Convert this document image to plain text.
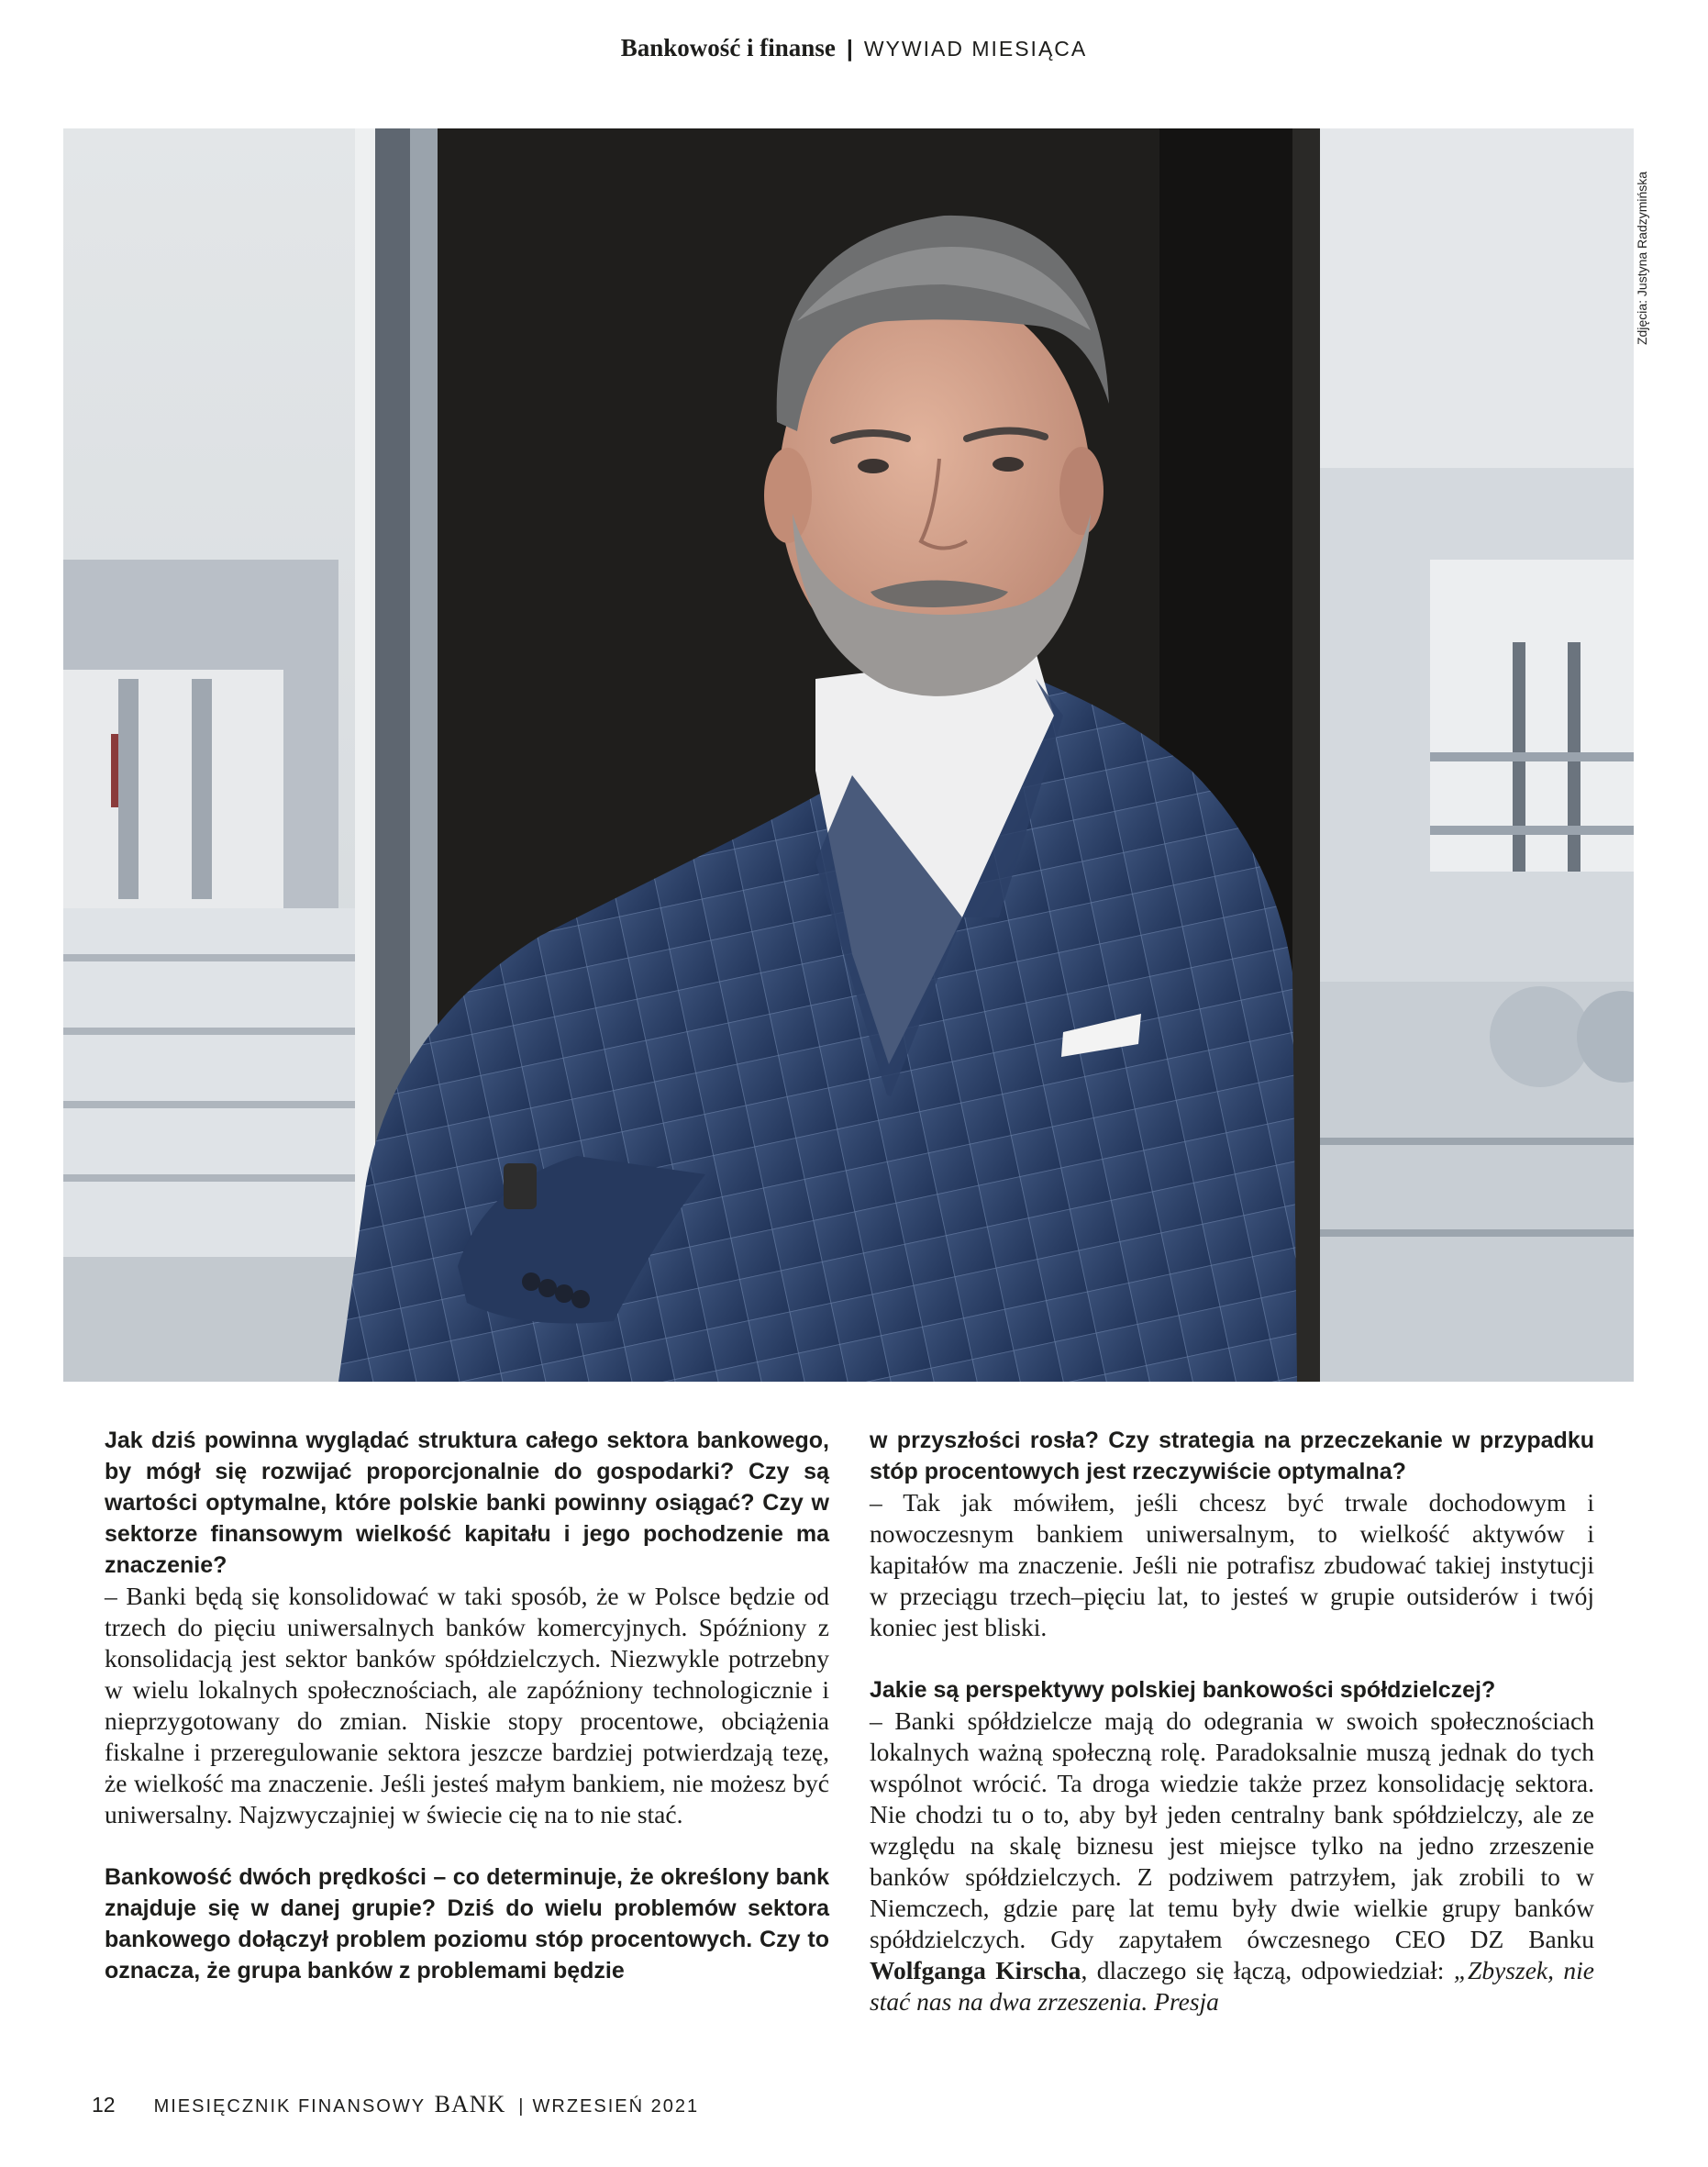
Bankowość i finanse | WYWIAD MIESIĄCA
Zdjęcia: Justyna Radzymińska

Jak dziś powinna wyglądać struktura całego sektora bankowego, by mógł się rozwijać proporcjonalnie do gospodarki? Czy są wartości optymalne, które polskie banki powinny osiągać? Czy w sektorze finansowym wielkość kapitału i jego pochodzenie ma znaczenie?

– Banki będą się konsolidować w taki sposób, że w Polsce będzie od trzech do pięciu uniwersalnych banków komercyjnych. Spóźniony z konsolidacją jest sektor banków spółdzielczych. Niezwykle potrzebny w wielu lokalnych społecznościach, ale zapóźniony technologicznie i nieprzygotowany do zmian. Niskie stopy procentowe, obciążenia fiskalne i przeregulowanie sektora jeszcze bardziej potwierdzają tezę, że wielkość ma znaczenie. Jeśli jesteś małym bankiem, nie możesz być uniwersalny. Najzwyczajniej w świecie cię na to nie stać.

Bankowość dwóch prędkości – co determinuje, że określony bank znajduje się w danej grupie? Dziś do wielu problemów sektora bankowego dołączył problem poziomu stóp procentowych. Czy to oznacza, że grupa banków z problemami będzie

w przyszłości rosła? Czy strategia na przeczekanie w przypadku stóp procentowych jest rzeczywiście optymalna?

– Tak jak mówiłem, jeśli chcesz być trwale dochodowym i nowoczesnym bankiem uniwersalnym, to wielkość aktywów i kapitałów ma znaczenie. Jeśli nie potrafisz zbudować takiej instytucji w przeciągu trzech–pięciu lat, to jesteś w grupie outsiderów i twój koniec jest bliski.

Jakie są perspektywy polskiej bankowości spółdzielczej?

– Banki spółdzielcze mają do odegrania w swoich społecznościach lokalnych ważną społeczną rolę. Paradoksalnie muszą jednak do tych wspólnot wrócić. Ta droga wiedzie także przez konsolidację sektora. Nie chodzi tu o to, aby był jeden centralny bank spółdzielczy, ale ze względu na skalę biznesu jest miejsce tylko na jedno zrzeszenie banków spółdzielczych. Z podziwem patrzyłem, jak zrobili to w Niemczech, gdzie parę lat temu były dwie wielkie grupy banków spółdzielczych. Gdy zapytałem ówczesnego CEO DZ Banku Wolfganga Kirscha, dlaczego się łączą, odpowiedział: „Zbyszek, nie stać nas na dwa zrzeszenia. Presja

12 MIESIĘCZNIK FINANSOWY BANK | WRZESIEŃ 2021
